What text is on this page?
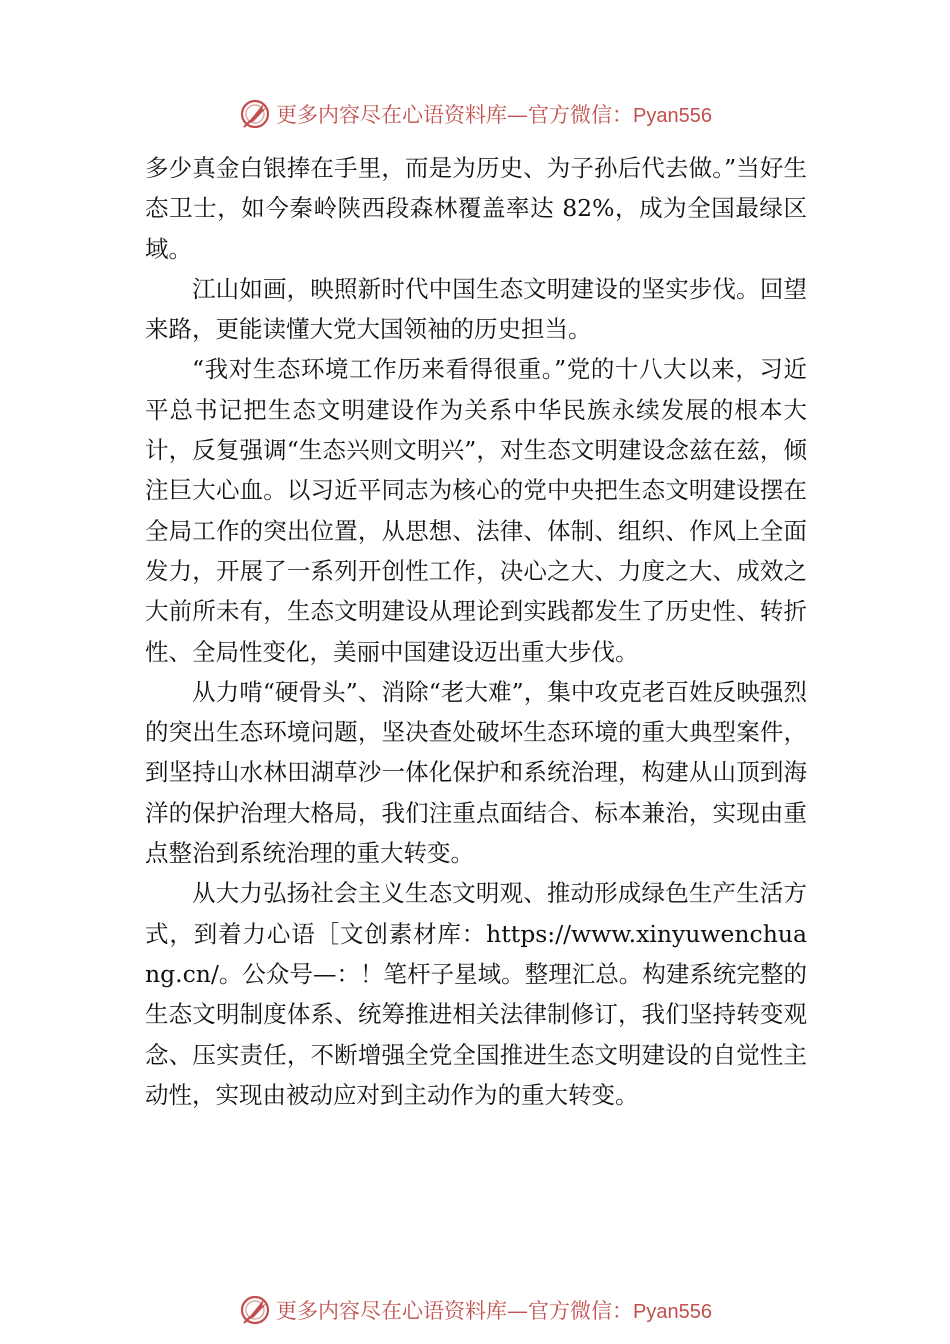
更多内容尽在心语资料库—官方微信：Pyan556

多少真金白银捧在手里，而是为历史、为子孙后代去做。”当好生态卫士，如今秦岭陕西段森林覆盖率达 82%，成为全国最绿区域。

江山如画，映照新时代中国生态文明建设的坚实步伐。回望来路，更能读懂大党大国领袖的历史担当。

“我对生态环境工作历来看得很重。”党的十八大以来，习近平总书记把生态文明建设作为关系中华民族永续发展的根本大计，反复强调“生态兴则文明兴”，对生态文明建设念兹在兹，倾注巨大心血。以习近平同志为核心的党中央把生态文明建设摆在全局工作的突出位置，从思想、法律、体制、组织、作风上全面发力，开展了一系列开创性工作，决心之大、力度之大、成效之大前所未有，生态文明建设从理论到实践都发生了历史性、转折性、全局性变化，美丽中国建设迈出重大步伐。

从力啃“硬骨头”、消除“老大难”，集中攻克老百姓反映强烈的突出生态环境问题，坚决查处破坏生态环境的重大典型案件，到坚持山水林田湖草沙一体化保护和系统治理，构建从山顶到海洋的保护治理大格局，我们注重点面结合、标本兼治，实现由重点整治到系统治理的重大转变。

从大力弘扬社会主义生态文明观、推动形成绿色生产生活方式，到着力心语［文创素材库：https://www.xinyuwenchuang.cn/。公众号—：！笔杆子星域。整理汇总。构建系统完整的生态文明制度体系、统筹推进相关法律制修订，我们坚持转变观念、压实责任，不断增强全党全国推进生态文明建设的自觉性主动性，实现由被动应对到主动作为的重大转变。

更多内容尽在心语资料库—官方微信：Pyan556
